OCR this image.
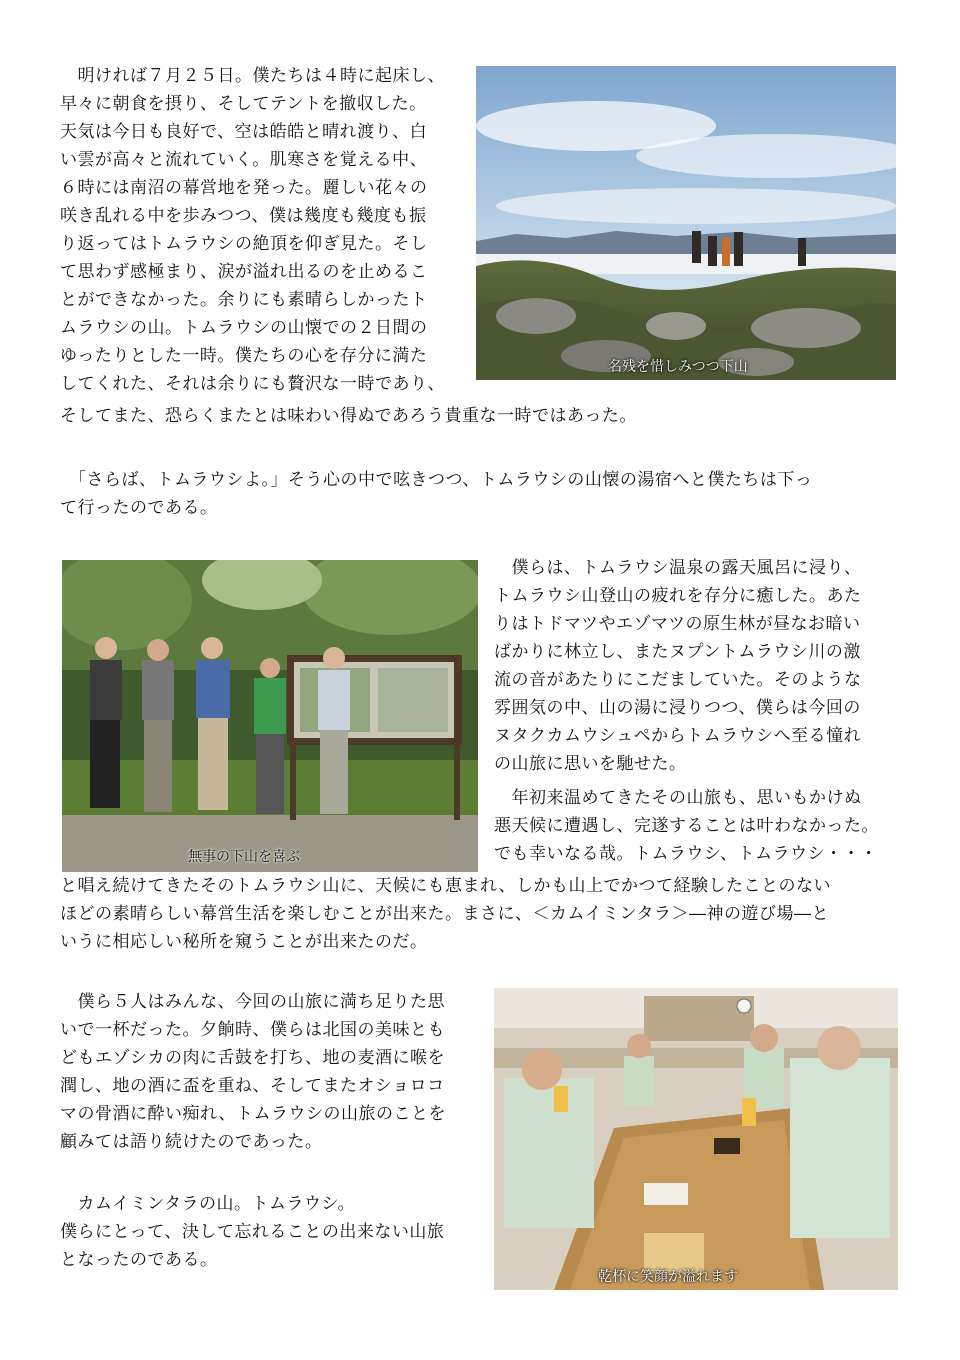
　明ければ７月２５日。僕たちは４時に起床し、
早々に朝食を摂り、そしてテントを撤収した。
天気は今日も良好で、空は皓皓と晴れ渡り、白
い雲が高々と流れていく。肌寒さを覚える中、
６時には南沼の幕営地を発った。麗しい花々の
咲き乱れる中を歩みつつ、僕は幾度も幾度も振
り返ってはトムラウシの絶頂を仰ぎ見た。そし
て思わず感極まり、涙が溢れ出るのを止めるこ
とができなかった。余りにも素晴らしかったト
ムラウシの山。トムラウシの山懐での２日間の
ゆったりとした一時。僕たちの心を存分に満た
してくれた、それは余りにも贅沢な一時であり、
そしてまた、恐らくまたとは味わい得ぬであろう貴重な一時ではあった。
名残を惜しみつつ下山
　「さらば、トムラウシよ。」そう心の中で呟きつつ、トムラウシの山懐の湯宿へと僕たちは下っ
て行ったのである。
無事の下山を喜ぶ
　僕らは、トムラウシ温泉の露天風呂に浸り、
トムラウシ山登山の疲れを存分に癒した。あた
りはトドマツやエゾマツの原生林が昼なお暗い
ばかりに林立し、またヌプントムラウシ川の激
流の音があたりにこだましていた。そのような
雰囲気の中、山の湯に浸りつつ、僕らは今回の
ヌタクカムウシュペからトムラウシへ至る憧れ
の山旅に思いを馳せた。
　年初来温めてきたその山旅も、思いもかけぬ
悪天候に遭遇し、完遂することは叶わなかった。
でも幸いなる哉。トムラウシ、トムラウシ・・・
と唱え続けてきたそのトムラウシ山に、天候にも恵まれ、しかも山上でかつて経験したことのない
ほどの素晴らしい幕営生活を楽しむことが出来た。まさに、＜カムイミンタラ＞―神の遊び場―と
いうに相応しい秘所を窺うことが出来たのだ。
　僕ら５人はみんな、今回の山旅に満ち足りた思
いで一杯だった。夕餉時、僕らは北国の美味とも
どもエゾシカの肉に舌鼓を打ち、地の麦酒に喉を
潤し、地の酒に盃を重ね、そしてまたオショロコ
マの骨酒に酔い痴れ、トムラウシの山旅のことを
顧みては語り続けたのであった。
　カムイミンタラの山。トムラウシ。
僕らにとって、決して忘れることの出来ない山旅
となったのである。
乾杯に笑顔が溢れます
